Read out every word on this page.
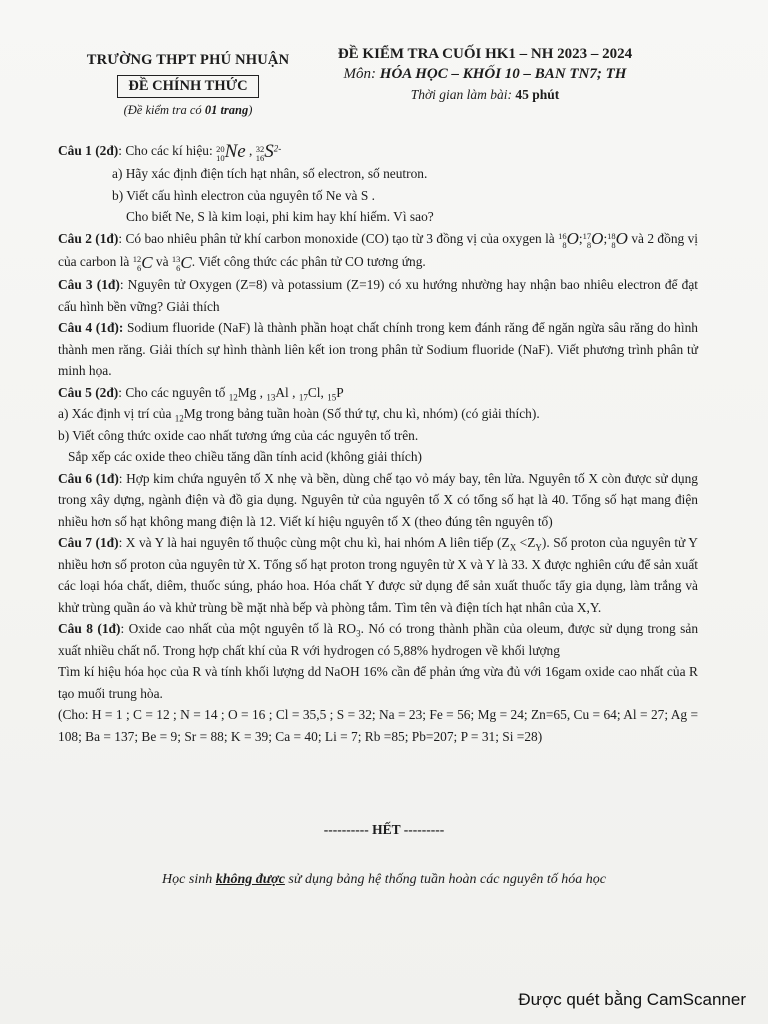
TRƯỜNG THPT PHÚ NHUẬN
ĐỀ CHÍNH THỨC
(Đề kiểm tra có 01 trang)
ĐỀ KIỂM TRA CUỐI HK1 – NH 2023 – 2024
Môn: HÓA HỌC – KHỐI 10 – BAN TN7; TH
Thời gian làm bài: 45 phút

Câu 1 (2đ): Cho các kí hiệu: 20
10 Ne , 32
16 $S^{2-}$

a) Hãy xác định điện tích hạt nhân, số electron, số neutron.

b) Viết cấu hình electron của nguyên tố Ne và S .

Cho biết Ne, S là kim loại, phi kim hay khí hiếm. Vì sao?

Câu 2 (1đ): Có bao nhiêu phân tử khí carbon monoxide (CO) tạo từ 3 đồng vị của oxygen là 16
8 O; 17
8 O; 18
8 O và 2 đồng vị của carbon là 12
6 C và 13
6 C. Viết công thức các phân tử CO tương ứng.

Câu 3 (1đ): Nguyên tử Oxygen (Z=8) và potassium (Z=19) có xu hướng nhường hay nhận bao nhiêu electron để đạt cấu hình bền vững? Giải thích

Câu 4 (1đ): Sodium fluoride (NaF) là thành phần hoạt chất chính trong kem đánh răng để ngăn ngừa sâu răng do hình thành men răng. Giải thích sự hình thành liên kết ion trong phân tử Sodium fluoride (NaF). Viết phương trình phân tử minh họa.

Câu 5 (2đ): Cho các nguyên tố $_{12}$Mg , $_{13}$Al , $_{17}$Cl, $_{15}$P

a) Xác định vị trí của $_{12}$Mg trong bảng tuần hoàn (Số thứ tự, chu kì, nhóm) (có giải thích).

b) Viết công thức oxide cao nhất tương ứng của các nguyên tố trên.

Sắp xếp các oxide theo chiều tăng dần tính acid (không giải thích)

Câu 6 (1đ): Hợp kim chứa nguyên tố X nhẹ và bền, dùng chế tạo vỏ máy bay, tên lửa. Nguyên tố X còn được sử dụng trong xây dựng, ngành điện và đồ gia dụng. Nguyên tử của nguyên tố X có tổng số hạt là 40. Tổng số hạt mang điện nhiều hơn số hạt không mang điện là 12. Viết kí hiệu nguyên tố X (theo đúng tên nguyên tố)

Câu 7 (1đ): X và Y là hai nguyên tố thuộc cùng một chu kì, hai nhóm A liên tiếp $(Z_X <Z_Y)$. Số proton của nguyên tử Y nhiều hơn số proton của nguyên tử X. Tổng số hạt proton trong nguyên tử X và Y là 33. X được nghiên cứu để sản xuất các loại hóa chất, diêm, thuốc súng, pháo hoa. Hóa chất Y được sử dụng để sản xuất thuốc tẩy gia dụng, làm trắng và khử trùng quần áo và khử trùng bề mặt nhà bếp và phòng tắm. Tìm tên và điện tích hạt nhân của X,Y.

Câu 8 (1đ): Oxide cao nhất của một nguyên tố là $RO_3$. Nó có trong thành phần của oleum, được sử dụng trong sản xuất nhiều chất nổ. Trong hợp chất khí của R với hydrogen có 5,88% hydrogen về khối lượng

Tìm kí hiệu hóa học của R và tính khối lượng dd NaOH 16% cần để phản ứng vừa đủ với 16gam oxide cao nhất của R tạo muối trung hòa.

(Cho: H = 1 ; C = 12 ; N = 14 ; O = 16 ; Cl = 35,5 ; S = 32; Na = 23; Fe = 56; Mg = 24; Zn=65, Cu = 64; Al = 27; Ag = 108; Ba = 137; Be = 9; Sr = 88; K = 39; Ca = 40; Li = 7; Rb =85; Pb=207; P = 31; Si =28)

---------- HẾT ---------
Học sinh không được sử dụng bảng hệ thống tuần hoàn các nguyên tố hóa học
Được quét bằng CamScanner
